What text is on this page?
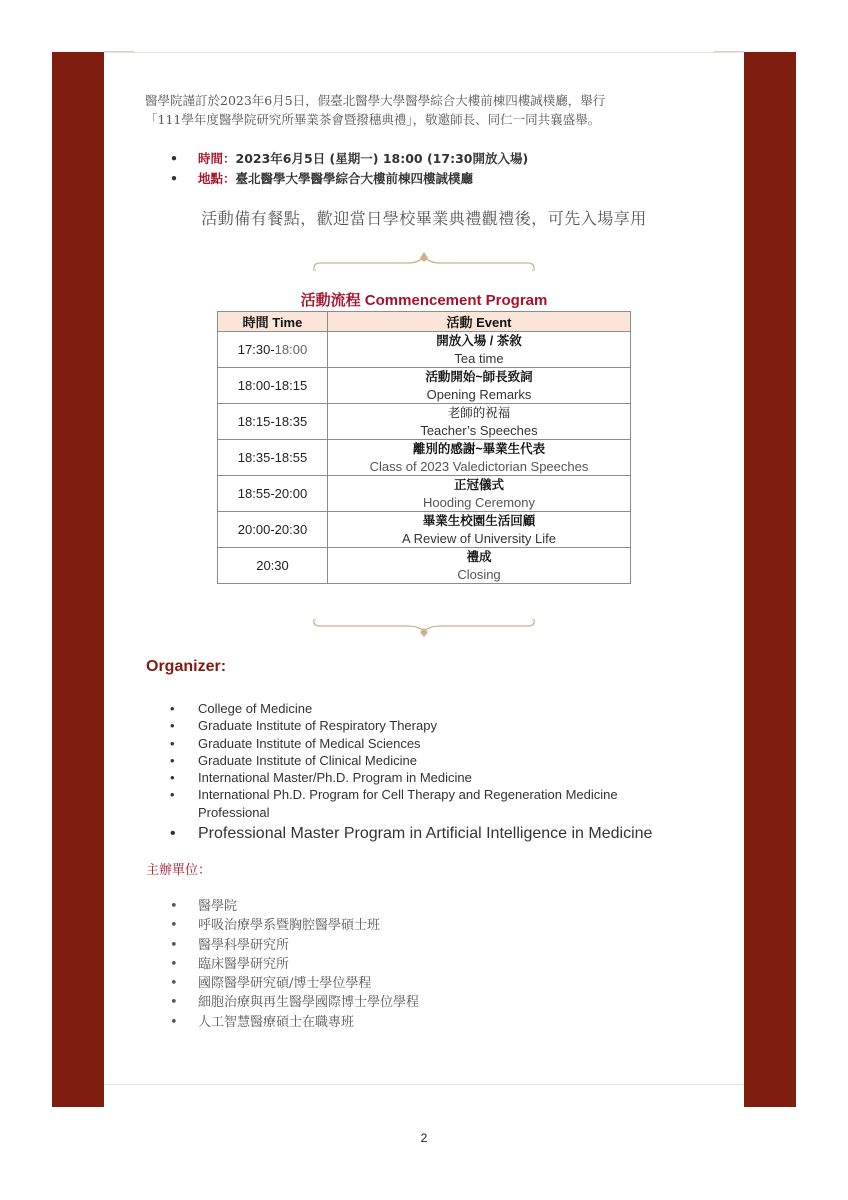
醫學院謹訂於2023年6月5日，假臺北醫學大學醫學綜合大樓前棟四樓誠樸廳，舉行
「111學年度醫學院研究所畢業茶會暨撥穗典禮」，敬邀師長、同仁一同共襄盛舉。
• 時間：2023年6月5日 (星期一) 18:00 (17:30開放入場)
• 地點：臺北醫學大學醫學綜合大樓前棟四樓誠樸廳
活動備有餐點，歡迎當日學校畢業典禮觀禮後，可先入場享用
活動流程 Commencement Program
時間 Time	活動 Event
17:30-18:00	開放入場 / 茶敘
Tea time

18:00-18:15	活動開始~師長致詞
Opening Remarks

18:15-18:35	老師的祝福
Teacher’s Speeches

18:35-18:55	離別的感謝~畢業生代表
Class of 2023 Valedictorian Speeches

18:55-20:00	正冠儀式
Hooding Ceremony

20:00-20:30	畢業生校園生活回顧
A Review of University Life

20:30	禮成
Closing
Organizer:
• College of Medicine
• Graduate Institute of Respiratory Therapy
• Graduate Institute of Medical Sciences
• Graduate Institute of Clinical Medicine
• International Master/Ph.D. Program in Medicine
• International Ph.D. Program for Cell Therapy and Regeneration Medicine Professional
• Professional Master Program in Artificial Intelligence in Medicine
主辦單位：
• 醫學院
• 呼吸治療學系暨胸腔醫學碩士班
• 醫學科學研究所
• 臨床醫學研究所
• 國際醫學研究碩/博士學位學程
• 細胞治療與再生醫學國際博士學位學程
• 人工智慧醫療碩士在職專班
2
